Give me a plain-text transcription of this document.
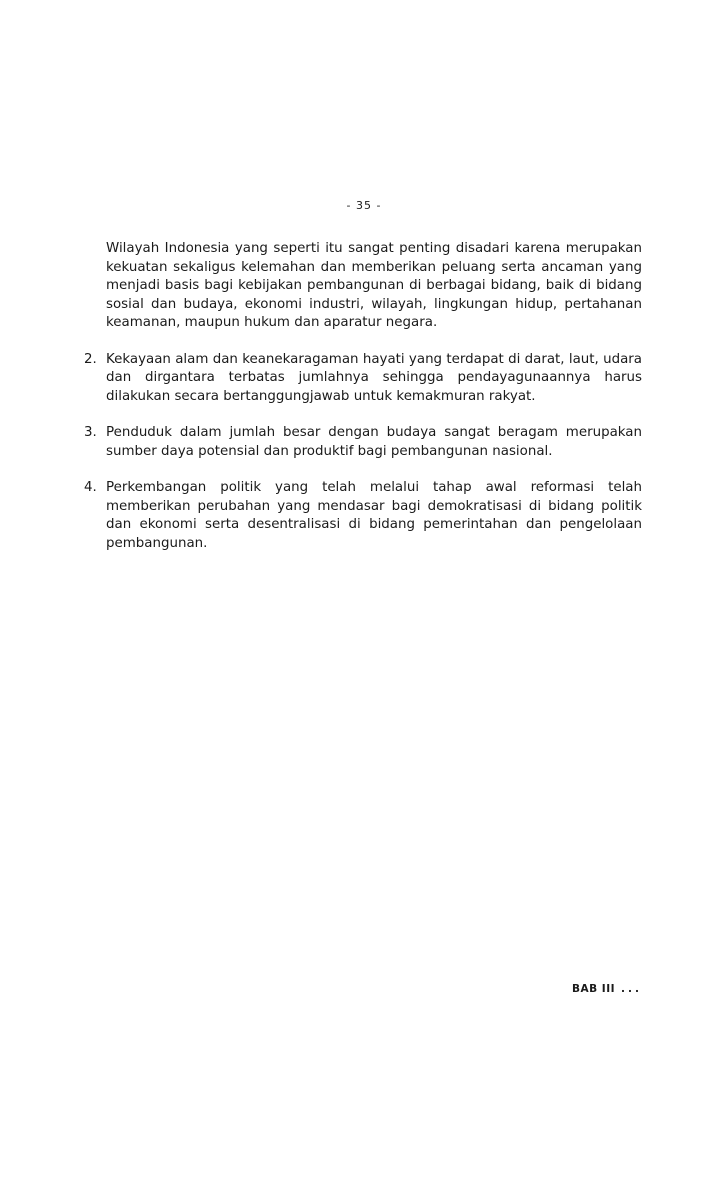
- 35 -

Wilayah Indonesia yang seperti itu sangat penting disadari karena merupakan kekuatan sekaligus kelemahan dan memberikan peluang serta ancaman yang menjadi basis bagi kebijakan pembangunan di berbagai bidang, baik di bidang sosial dan budaya, ekonomi industri, wilayah, lingkungan hidup, pertahanan keamanan, maupun hukum dan aparatur negara.

2. Kekayaan alam dan keanekaragaman hayati yang terdapat di darat, laut, udara dan dirgantara terbatas jumlahnya sehingga pendayagunaannya harus dilakukan secara bertanggungjawab untuk kemakmuran rakyat.
3. Penduduk dalam jumlah besar dengan budaya sangat beragam merupakan sumber daya potensial dan produktif bagi pembangunan nasional.
4. Perkembangan politik yang telah melalui tahap awal reformasi telah memberikan perubahan yang mendasar bagi demokratisasi di bidang politik dan ekonomi serta desentralisasi di bidang pemerintahan dan pengelolaan pembangunan.
BAB III ...
